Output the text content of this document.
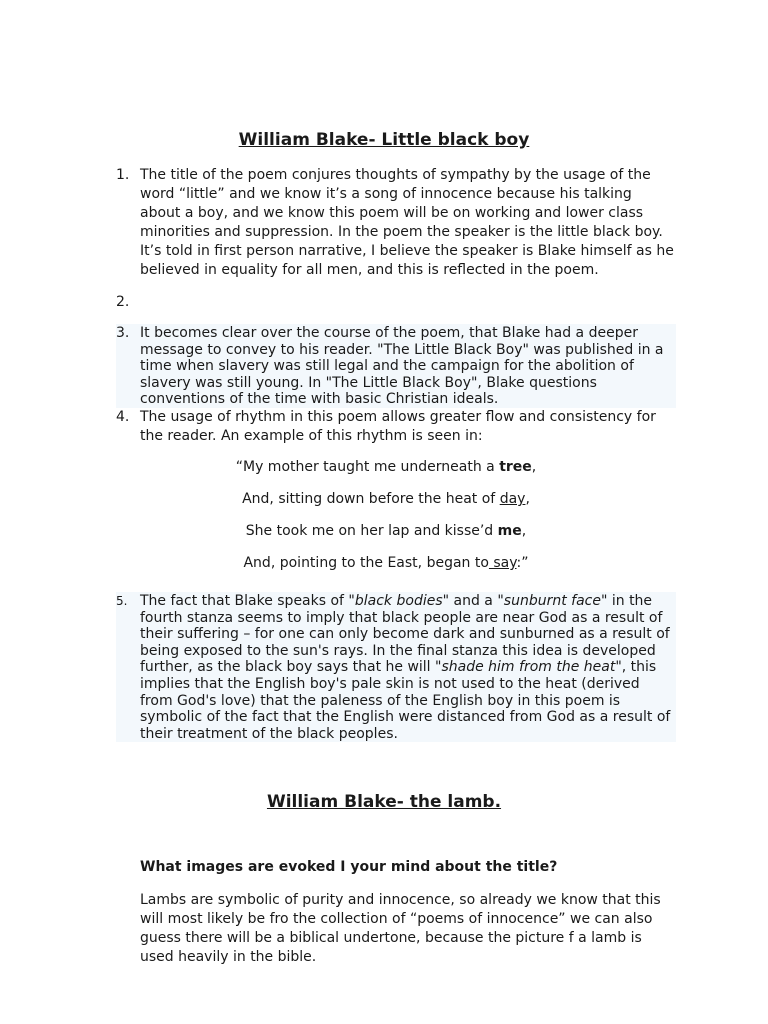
William Blake- Little black boy
1. The title of the poem conjures thoughts of sympathy by the usage of the word “little” and we know it’s a song of innocence because his talking about a boy, and we know this poem will be on working and lower class minorities and suppression. In the poem the speaker is the little black boy. It’s told in first person narrative, I believe the speaker is Blake himself as he believed in equality for all men, and this is reflected in the poem.
2.
3. It becomes clear over the course of the poem, that Blake had a deeper message to convey to his reader. "The Little Black Boy" was published in a time when slavery was still legal and the campaign for the abolition of slavery was still young. In "The Little Black Boy", Blake questions conventions of the time with basic Christian ideals.
4. The usage of rhythm in this poem allows greater flow and consistency for the reader. An example of this rhythm is seen in:
“My mother taught me underneath a tree,
And, sitting down before the heat of day,
She took me on her lap and kisse’d me,
And, pointing to the East, began to say:”
5. The fact that Blake speaks of "black bodies" and a "sunburnt face" in the fourth stanza seems to imply that black people are near God as a result of their suffering – for one can only become dark and sunburned as a result of being exposed to the sun's rays. In the final stanza this idea is developed further, as the black boy says that he will "shade him from the heat", this implies that the English boy's pale skin is not used to the heat (derived from God's love) that the paleness of the English boy in this poem is symbolic of the fact that the English were distanced from God as a result of their treatment of the black peoples.
William Blake- the lamb.
What images are evoked I your mind about the title?
Lambs are symbolic of purity and innocence, so already we know that this will most likely be fro the collection of “poems of innocence” we can also guess there will be a biblical undertone, because the picture f a lamb is used heavily in the bible.
